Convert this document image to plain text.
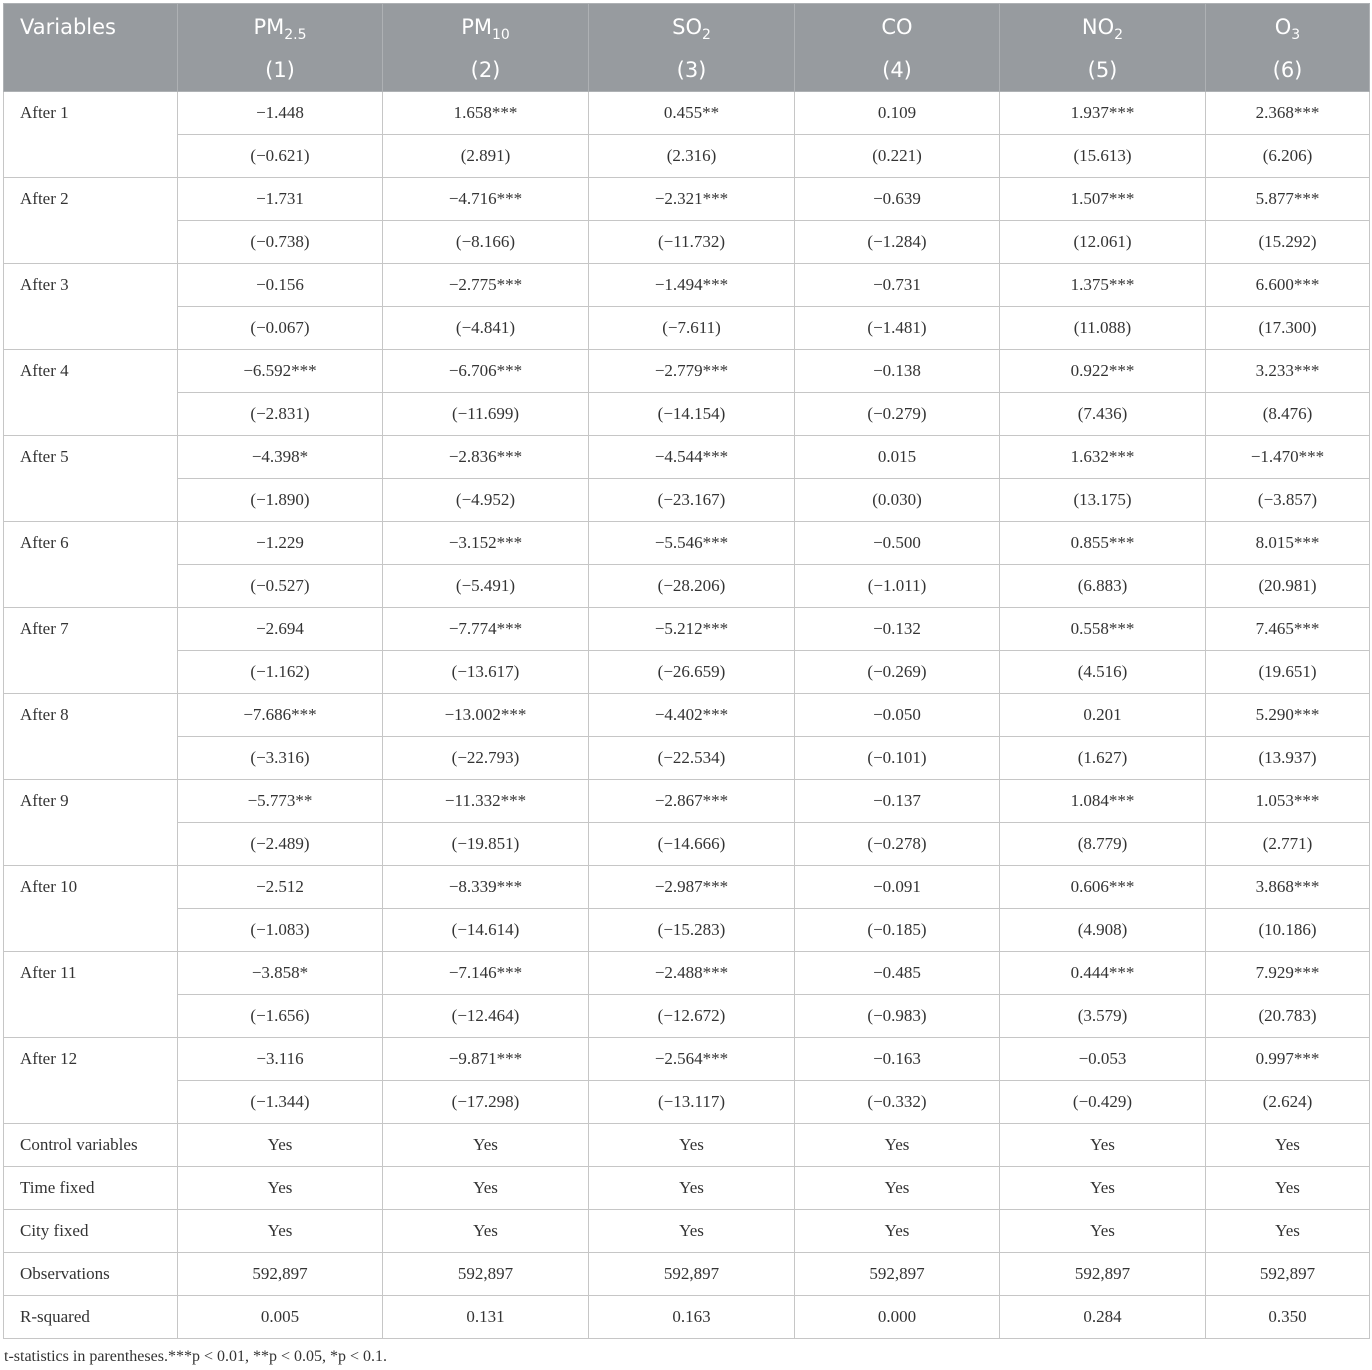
Variables	$PM_{2.5}$	$PM_{10}$	$SO_2$	CO	$NO_2$	$O_3$
	(1)	(2)	(3)	(4)	(5)	(6)
After 1	−1.448	1.658***	0.455**	0.109	1.937***	2.368***
	(−0.621)	(2.891)	(2.316)	(0.221)	(15.613)	(6.206)
After 2	−1.731	−4.716***	−2.321***	−0.639	1.507***	5.877***
	(−0.738)	(−8.166)	(−11.732)	(−1.284)	(12.061)	(15.292)
After 3	−0.156	−2.775***	−1.494***	−0.731	1.375***	6.600***
	(−0.067)	(−4.841)	(−7.611)	(−1.481)	(11.088)	(17.300)
After 4	−6.592***	−6.706***	−2.779***	−0.138	0.922***	3.233***
	(−2.831)	(−11.699)	(−14.154)	(−0.279)	(7.436)	(8.476)
After 5	−4.398*	−2.836***	−4.544***	0.015	1.632***	−1.470***
	(−1.890)	(−4.952)	(−23.167)	(0.030)	(13.175)	(−3.857)
After 6	−1.229	−3.152***	−5.546***	−0.500	0.855***	8.015***
	(−0.527)	(−5.491)	(−28.206)	(−1.011)	(6.883)	(20.981)
After 7	−2.694	−7.774***	−5.212***	−0.132	0.558***	7.465***
	(−1.162)	(−13.617)	(−26.659)	(−0.269)	(4.516)	(19.651)
After 8	−7.686***	−13.002***	−4.402***	−0.050	0.201	5.290***
	(−3.316)	(−22.793)	(−22.534)	(−0.101)	(1.627)	(13.937)
After 9	−5.773**	−11.332***	−2.867***	−0.137	1.084***	1.053***
	(−2.489)	(−19.851)	(−14.666)	(−0.278)	(8.779)	(2.771)
After 10	−2.512	−8.339***	−2.987***	−0.091	0.606***	3.868***
	(−1.083)	(−14.614)	(−15.283)	(−0.185)	(4.908)	(10.186)
After 11	−3.858*	−7.146***	−2.488***	−0.485	0.444***	7.929***
	(−1.656)	(−12.464)	(−12.672)	(−0.983)	(3.579)	(20.783)
After 12	−3.116	−9.871***	−2.564***	−0.163	−0.053	0.997***
	(−1.344)	(−17.298)	(−13.117)	(−0.332)	(−0.429)	(2.624)
Control variables	Yes	Yes	Yes	Yes	Yes	Yes
Time fixed	Yes	Yes	Yes	Yes	Yes	Yes
City fixed	Yes	Yes	Yes	Yes	Yes	Yes
Observations	592,897	592,897	592,897	592,897	592,897	592,897
R-squared	0.005	0.131	0.163	0.000	0.284	0.350
t-statistics in parentheses.***p < 0.01, **p < 0.05, *p < 0.1.
